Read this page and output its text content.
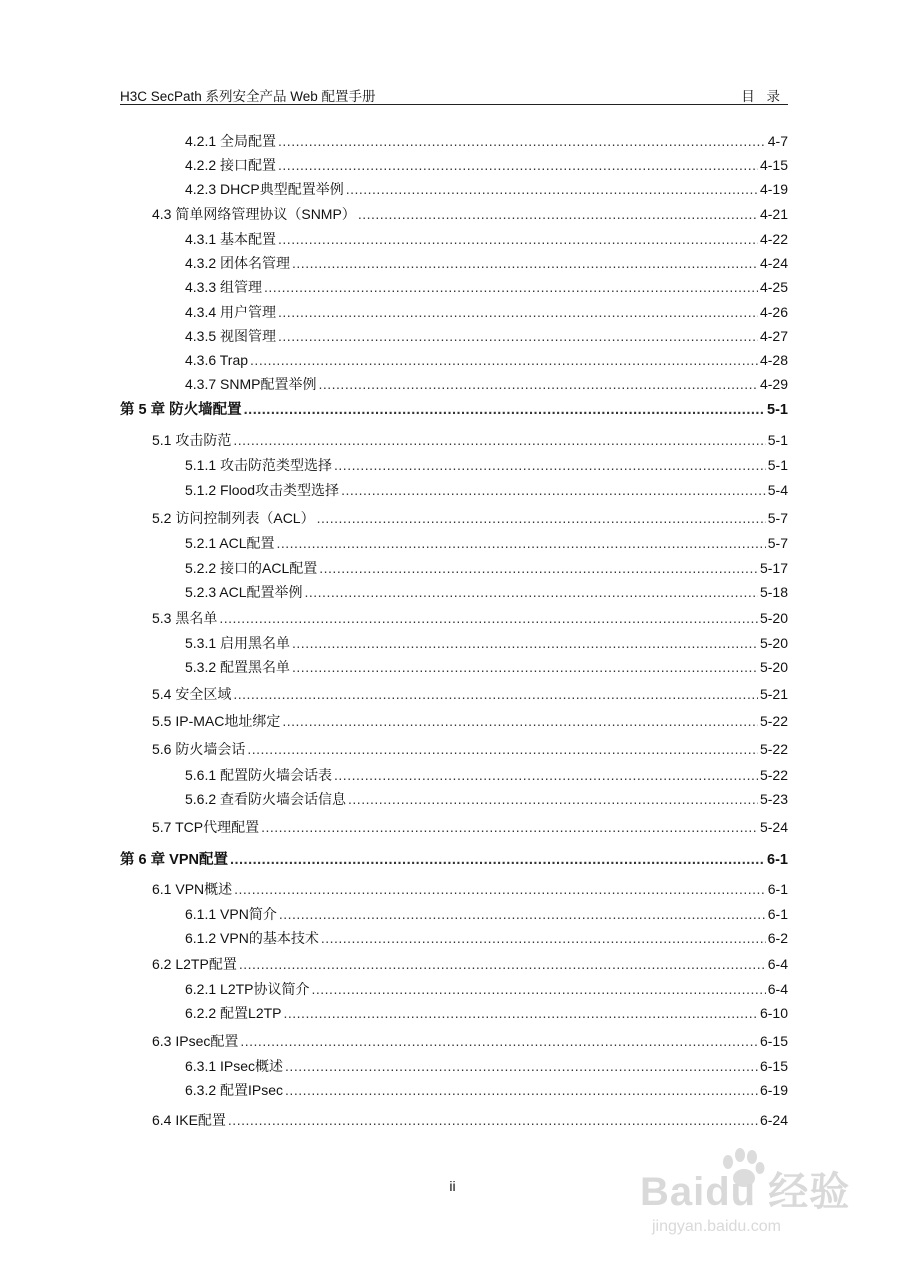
H3C SecPath 系列安全产品 Web 配置手册	目 录
4.2.1 全局配置 .....	4-7
4.2.2 接口配置 .....	4-15
4.2.3 DHCP典型配置举例 .....	4-19
4.3 简单网络管理协议（SNMP） .....	4-21
4.3.1 基本配置 .....	4-22
4.3.2 团体名管理 .....	4-24
4.3.3 组管理 .....	4-25
4.3.4 用户管理 .....	4-26
4.3.5 视图管理 .....	4-27
4.3.6 Trap .....	4-28
4.3.7 SNMP配置举例 .....	4-29
第 5 章 防火墙配置 .....	5-1
5.1 攻击防范 .....	5-1
5.1.1 攻击防范类型选择 .....	5-1
5.1.2 Flood攻击类型选择 .....	5-4
5.2 访问控制列表（ACL） .....	5-7
5.2.1 ACL配置 .....	5-7
5.2.2 接口的ACL配置 .....	5-17
5.2.3 ACL配置举例 .....	5-18
5.3 黑名单 .....	5-20
5.3.1 启用黑名单 .....	5-20
5.3.2 配置黑名单 .....	5-20
5.4 安全区域 .....	5-21
5.5 IP-MAC地址绑定 .....	5-22
5.6 防火墙会话 .....	5-22
5.6.1 配置防火墙会话表 .....	5-22
5.6.2 查看防火墙会话信息 .....	5-23
5.7 TCP代理配置 .....	5-24
第 6 章 VPN配置 .....	6-1
6.1 VPN概述 .....	6-1
6.1.1 VPN简介 .....	6-1
6.1.2 VPN的基本技术 .....	6-2
6.2 L2TP配置 .....	6-4
6.2.1 L2TP协议简介 .....	6-4
6.2.2 配置L2TP .....	6-10
6.3 IPsec配置 .....	6-15
6.3.1 IPsec概述 .....	6-15
6.3.2 配置IPsec .....	6-19
6.4 IKE配置 .....	6-24
ii	Baidu 经验
jingyan.baidu.com
